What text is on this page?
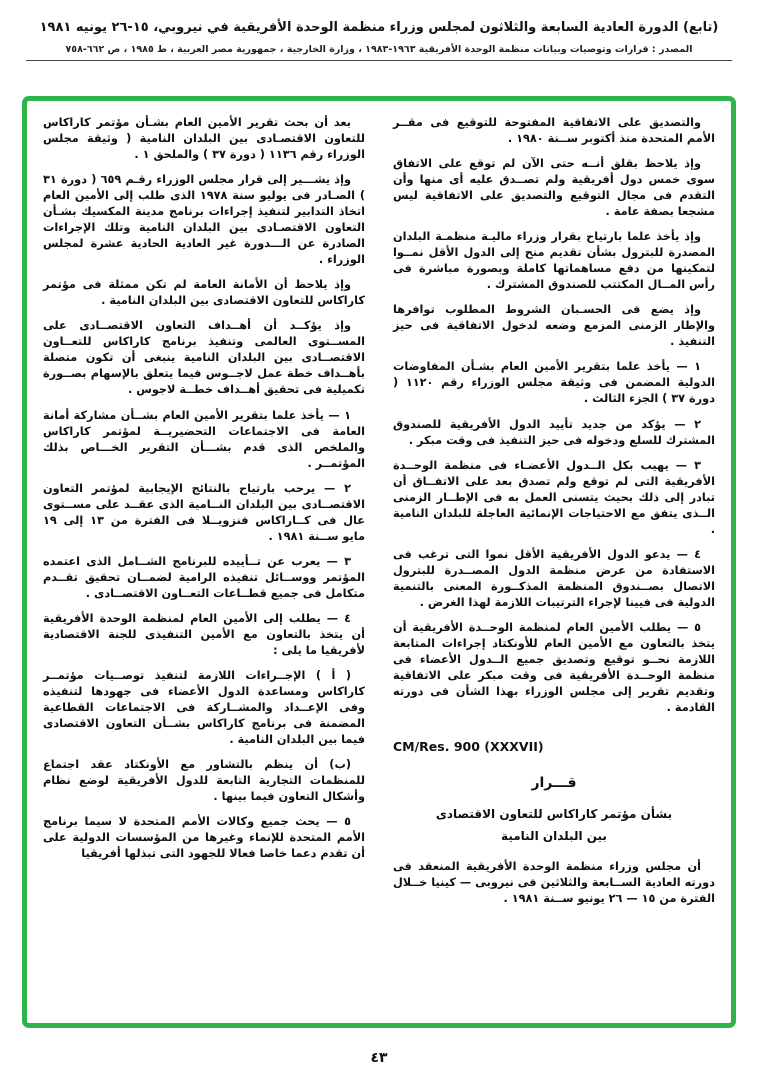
(تابع) الدورة العادية السابعة والثلاثون لمجلس وزراء منظمة الوحدة الأفريقية في نيروبي، ١٥-٢٦ يونيه ١٩٨١
المصدر : قرارات وتوصيات وبيانات منظمة الوحدة الأفريقية ١٩٦٣-١٩٨٣ ، وزارة الخارجية ، جمهورية مصر العربية ، ط ١٩٨٥ ، ص ٦٦٢-٧٥٨

والتصديق على الاتفاقية المفتوحة للتوقيع فى مقــر الأمم المتحدة منذ أكتوبر ســنة ١٩٨٠ .

وإذ يلاحظ بقلق أنــه حتى الآن لم توقع على الاتفاق سوى خمس دول أفريقية ولم تصــدق عليه أى منها وأن التقدم فى مجال التوقيع والتصديق على الاتفاقية ليس مشجعا بصفة عامة .

وإذ يأخذ علما بارتياح بقرار وزراء ماليـة منظمـة البلدان المصدرة للبترول بشأن تقديم منح إلى الدول الأقل نمــوا لتمكينها من دفع مساهماتها كاملة وبصورة مباشرة فى رأس المــال المكتتب للصندوق المشترك .

وإذ يضع فى الحسـبان الشروط المطلوب توافرها والإطار الزمنى المزمع وضعه لدخول الاتفاقية فى حيز التنفيذ .

١ — يأخذ علما بتقرير الأمين العام بشـأن المفاوضات الدولية المضمن فى وثيقة مجلس الوزراء رقم ١١٢٠ ( دورة ٣٧ ) الجزء الثالث .

٢ — يؤكد من جديد تأييد الدول الأفريقية للصندوق المشترك للسلع ودخوله فى حيز التنفيذ فى وقت مبكر .

٣ — يهيب بكل الــدول الأعضـاء فى منظمة الوحــدة الأفريقية التى لم توقع ولم تصدق بعد على الاتفــاق أن تبادر إلى ذلك بحيث يتسنى العمل به فى الإطــار الزمنى الــذى يتفق مع الاحتياجات الإنمائية العاجلة للبلدان النامية .

٤ — يدعو الدول الأفريقية الأقل نموا التى ترغب فى الاستفادة من عرض منظمة الدول المصــدرة للبترول الاتصال بصــندوق المنظمة المذكــورة المعنى بالتنمية الدولية فى فيينا لإجراء الترتيبات اللازمة لهذا الغرض .

٥ — يطلب الأمين العام لمنظمة الوحــدة الأفريقية أن يتخذ بالتعاون مع الأمين العام للأونكتاد إجراءات المتابعة اللازمة نحــو توقيع وتصديق جميع الــدول الأعضاء فى منظمة الوحــدة الأفريقية فى وقت مبكر على الاتفاقية وتقديم تقرير إلى مجلس الوزراء بهذا الشأن فى دورته القادمة .

CM/Res. 900 (XXXVII)

قـــرار

بشأن مؤتمر كاراكاس للتعاون الاقتصادى

بين البلدان النامية

أن مجلس وزراء منظمة الوحدة الأفريقية المنعقد فى دورته العادية الســابعة والثلاثين فى نيروبى — كينيا خــلال الفترة من ١٥ — ٢٦ يونيو ســنة ١٩٨١ .

بعد أن بحث تقرير الأمين العام بشـأن مؤتمر كاراكاس للتعاون الاقتصـادى بين البلدان النامية ( وثيقة مجلس الوزراء رقم ١١٣٦ ( دورة ٣٧ ) والملحق ١ .

وإذ يشـــير إلى قرار مجلس الوزراء رقـم ٦٥٩ ( دورة ٣١ ) الصـادر فى يوليو سنة ١٩٧٨ الذى طلب إلى الأمين العام اتخاذ التدابير لتنفيذ إجراءات برنامج مدينة المكسيك بشـأن التعاون الاقتصـادى بين البلدان النامية وتلك الإجراءات الصادرة عن الـــدورة غير العادية الحادية عشرة لمجلس الوزراء .

وإذ يلاحظ أن الأمانة العامة لم تكن ممثلة فى مؤتمر كاراكاس للتعاون الاقتصادى بين البلدان النامية .

وإذ يؤكــد أن أهــداف التعاون الاقتصــادى على المســتوى العالمى وتنفيذ برنامج كاراكاس للتعــاون الاقتصــادى بين البلدان النامية ينبغى أن تكون متصلة بأهــداف خطة عمل لاجــوس فيما يتعلق بالإسهام بصــورة تكميلية فى تحقيق أهــداف خطــة لاجوس .

١ — يأخذ علما بتقرير الأمين العام بشــأن مشاركة أمانة العامة فى الاجتماعات التحضيريــة لمؤتمر كاراكاس والملخص الذى قدم بشـــأن التقرير الخـــاص بذلك المؤتمــر .

٢ — يرحب بارتياح بالنتائج الإيجابية لمؤتمر التعاون الاقتصــادى بين البلدان النــامية الذى عقــد على مســتوى عال فى كــاراكاس فنزويــلا فى الفترة من ١٣ إلى ١٩ مايو ســنة ١٩٨١ .

٣ — يعرب عن تــأييده للبرنامج الشــامل الذى اعتمده المؤتمر ووســائل تنفيذه الرامية لضمــان تحقيق تقــدم متكامل فى جميع قطــاعات التعــاون الاقتصــادى .

٤ — يطلب إلى الأمين العام لمنظمة الوحدة الأفريقية أن يتخذ بالتعاون مع الأمين التنفيذى للجنة الاقتصادية لأفريقيا ما يلى :

( أ ) الإجــراءات اللازمة لتنفيذ توصــيات مؤتمــر كاراكاس ومساعدة الدول الأعضاء فى جهودها لتنفيذه وفى الإعــداد والمشــاركة فى الاجتماعات القطاعية المضمنة فى برنامج كاراكاس بشــأن التعاون الاقتصادى فيما بين البلدان النامية .

(ب) أن ينظم بالتشاور مع الأونكتاد عقد اجتماع للمنظمات التجارية التابعة للدول الأفريقية لوضع نظام وأشكال التعاون فيما بينها .

٥ — يحث جميع وكالات الأمم المتحدة لا سيما برنامج الأمم المتحدة للإنماء وغيرها من المؤسسات الدولية على أن تقدم دعما خاصا فعالا للجهود التى تبذلها أفريقيا

٤٣
